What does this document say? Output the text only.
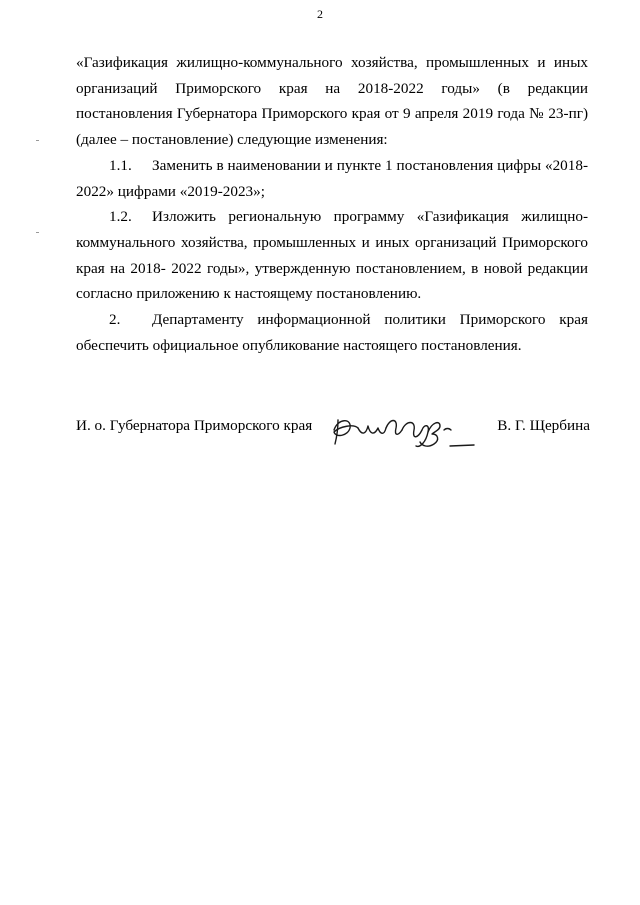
2

«Газификация жилищно-коммунального хозяйства, промышленных и иных организаций Приморского края на 2018-2022 годы» (в редакции постановления Губернатора Приморского края от 9 апреля 2019 года № 23-пг) (далее – постановление) следующие изменения:

1.1. Заменить в наименовании и пункте 1 постановления цифры «2018-2022» цифрами «2019-2023»;

1.2. Изложить региональную программу «Газификация жилищно-коммунального хозяйства, промышленных и иных организаций Приморского края на 2018- 2022 годы», утвержденную постановлением, в новой редакции согласно приложению к настоящему постановлению.

2. Департаменту информационной политики Приморского края обеспечить официальное опубликование настоящего постановления.

И. о. Губернатора Приморского края	В. Г. Щербина
